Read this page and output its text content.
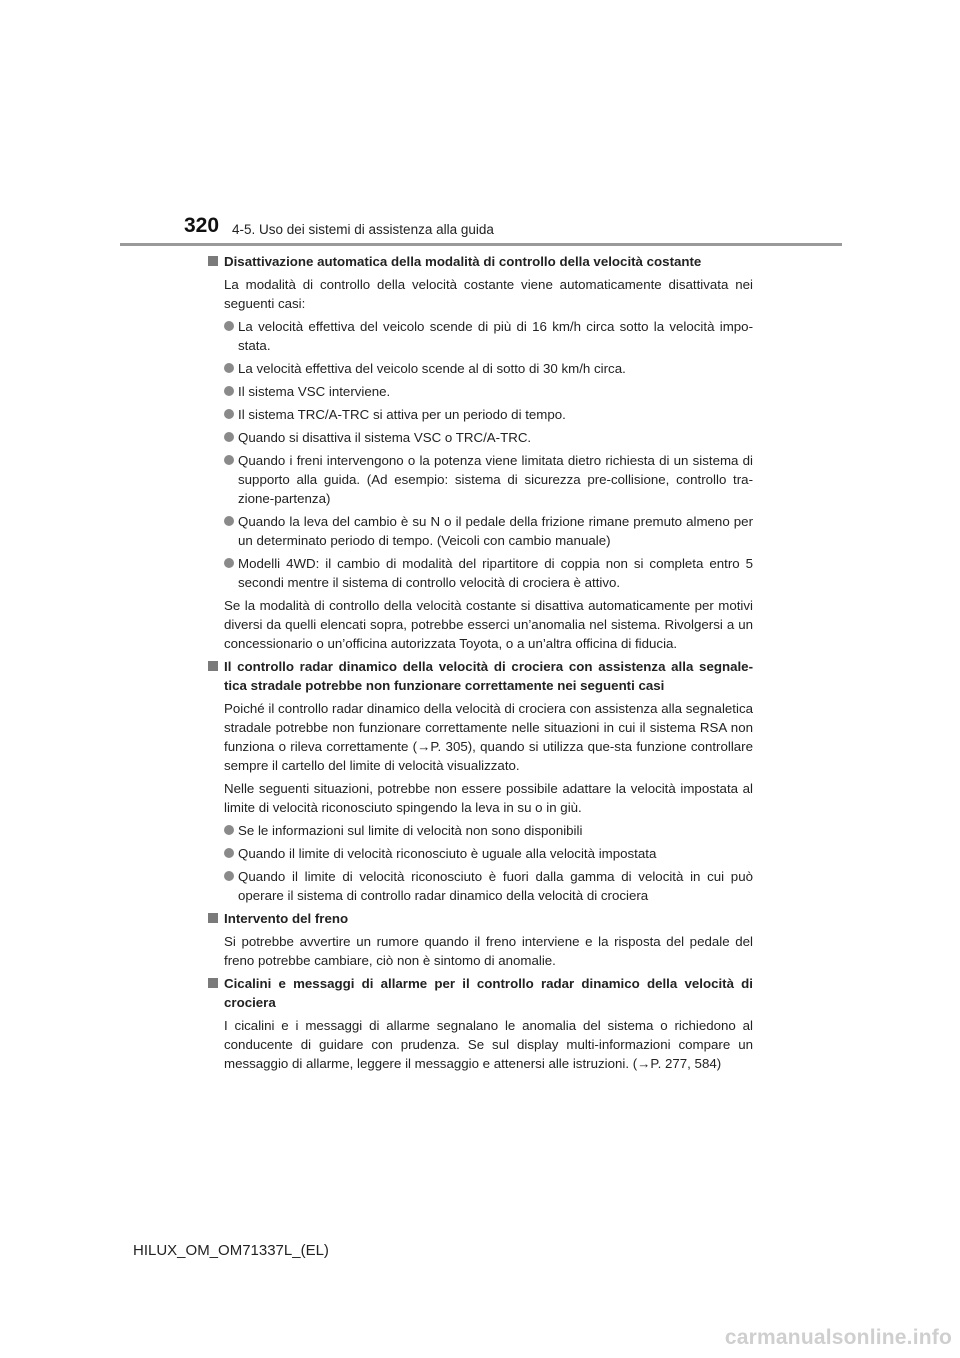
320 4-5. Uso dei sistemi di assistenza alla guida
Disattivazione automatica della modalità di controllo della velocità costante
La modalità di controllo della velocità costante viene automaticamente disattivata nei seguenti casi:
La velocità effettiva del veicolo scende di più di 16 km/h circa sotto la velocità impo-stata.
La velocità effettiva del veicolo scende al di sotto di 30 km/h circa.
Il sistema VSC interviene.
Il sistema TRC/A-TRC si attiva per un periodo di tempo.
Quando si disattiva il sistema VSC o TRC/A-TRC.
Quando i freni intervengono o la potenza viene limitata dietro richiesta di un sistema di supporto alla guida. (Ad esempio: sistema di sicurezza pre-collisione, controllo tra-zione-partenza)
Quando la leva del cambio è su N o il pedale della frizione rimane premuto almeno per un determinato periodo di tempo. (Veicoli con cambio manuale)
Modelli 4WD: il cambio di modalità del ripartitore di coppia non si completa entro 5 secondi mentre il sistema di controllo velocità di crociera è attivo.
Se la modalità di controllo della velocità costante si disattiva automaticamente per motivi diversi da quelli elencati sopra, potrebbe esserci un’anomalia nel sistema. Rivolgersi a un concessionario o un’officina autorizzata Toyota, o a un’altra officina di fiducia.
Il controllo radar dinamico della velocità di crociera con assistenza alla segnale-tica stradale potrebbe non funzionare correttamente nei seguenti casi
Poiché il controllo radar dinamico della velocità di crociera con assistenza alla segnaletica stradale potrebbe non funzionare correttamente nelle situazioni in cui il sistema RSA non funziona o rileva correttamente (→P. 305), quando si utilizza que-sta funzione controllare sempre il cartello del limite di velocità visualizzato.
Nelle seguenti situazioni, potrebbe non essere possibile adattare la velocità impostata al limite di velocità riconosciuto spingendo la leva in su o in giù.
Se le informazioni sul limite di velocità non sono disponibili
Quando il limite di velocità riconosciuto è uguale alla velocità impostata
Quando il limite di velocità riconosciuto è fuori dalla gamma di velocità in cui può operare il sistema di controllo radar dinamico della velocità di crociera
Intervento del freno
Si potrebbe avvertire un rumore quando il freno interviene e la risposta del pedale del freno potrebbe cambiare, ciò non è sintomo di anomalie.
Cicalini e messaggi di allarme per il controllo radar dinamico della velocità di crociera
I cicalini e i messaggi di allarme segnalano le anomalia del sistema o richiedono al conducente di guidare con prudenza. Se sul display multi-informazioni compare un messaggio di allarme, leggere il messaggio e attenersi alle istruzioni. (→P. 277, 584)
HILUX_OM_OM71337L_(EL)
carmanualsonline.info
